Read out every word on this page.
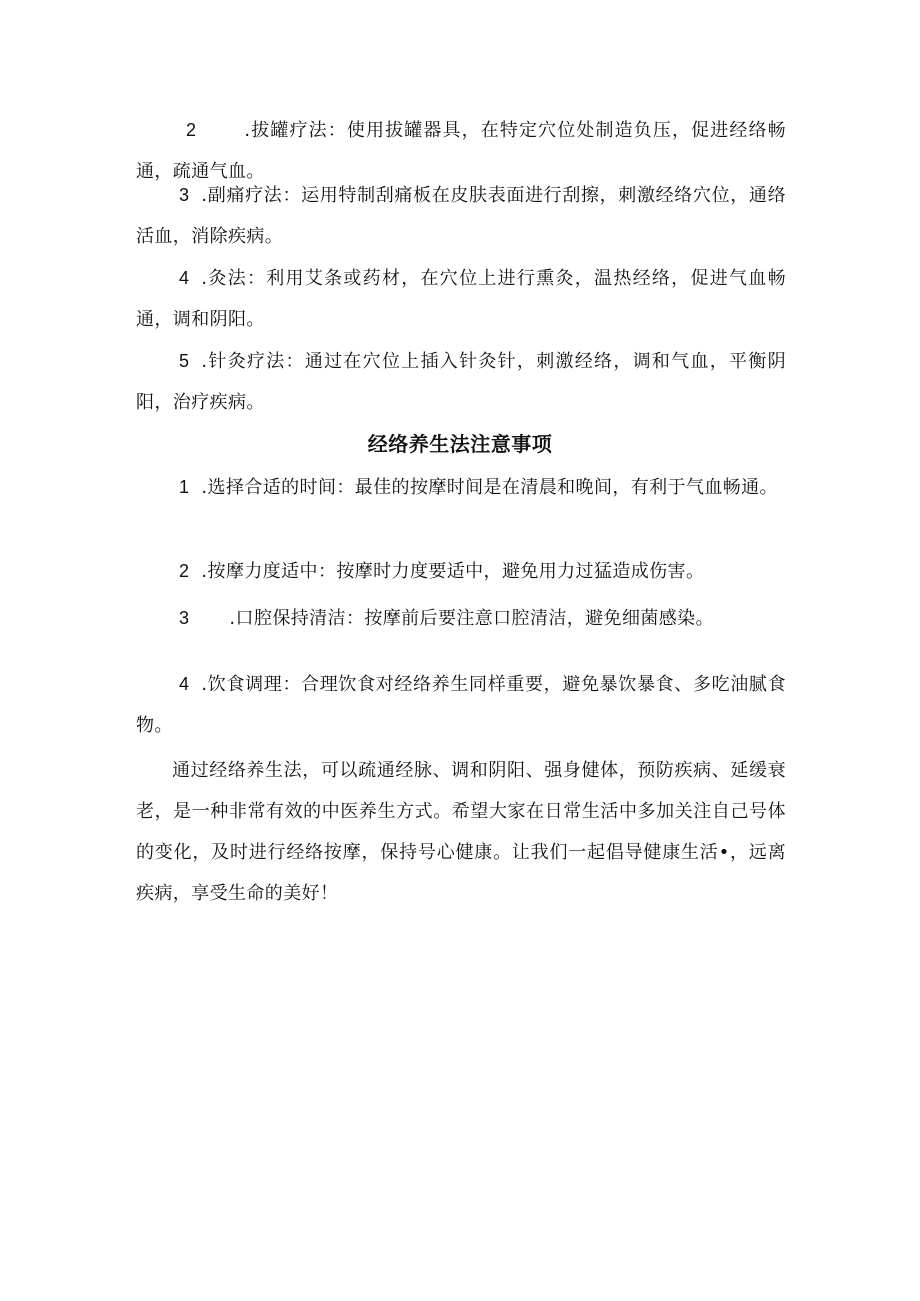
2	.拔罐疗法：使用拔罐器具，在特定穴位处制造负压，促进经络畅通，疏通气血。
3 .副痛疗法：运用特制刮痛板在皮肤表面进行刮擦，刺激经络穴位，通络活血，消除疾病。
4 .灸法：利用艾条或药材，在穴位上进行熏灸，温热经络，促进气血畅通，调和阴阳。
5 .针灸疗法：通过在穴位上插入针灸针，刺激经络，调和气血，平衡阴阳，治疗疾病。
经络养生法注意事项
1 .选择合适的时间：最佳的按摩时间是在清晨和晚间，有利于气血畅通。
2 .按摩力度适中：按摩时力度要适中，避免用力过猛造成伤害。
3 .口腔保持清洁：按摩前后要注意口腔清洁，避免细菌感染。
4 .饮食调理：合理饮食对经络养生同样重要，避免暴饮暴食、多吃油腻食物。
通过经络养生法，可以疏通经脉、调和阴阳、强身健体，预防疾病、延缓衰老，是一种非常有效的中医养生方式。希望大家在日常生活中多加关注自己号体的变化，及时进行经络按摩，保持号心健康。让我们一起倡导健康生活•，远离疾病，享受生命的美好！
